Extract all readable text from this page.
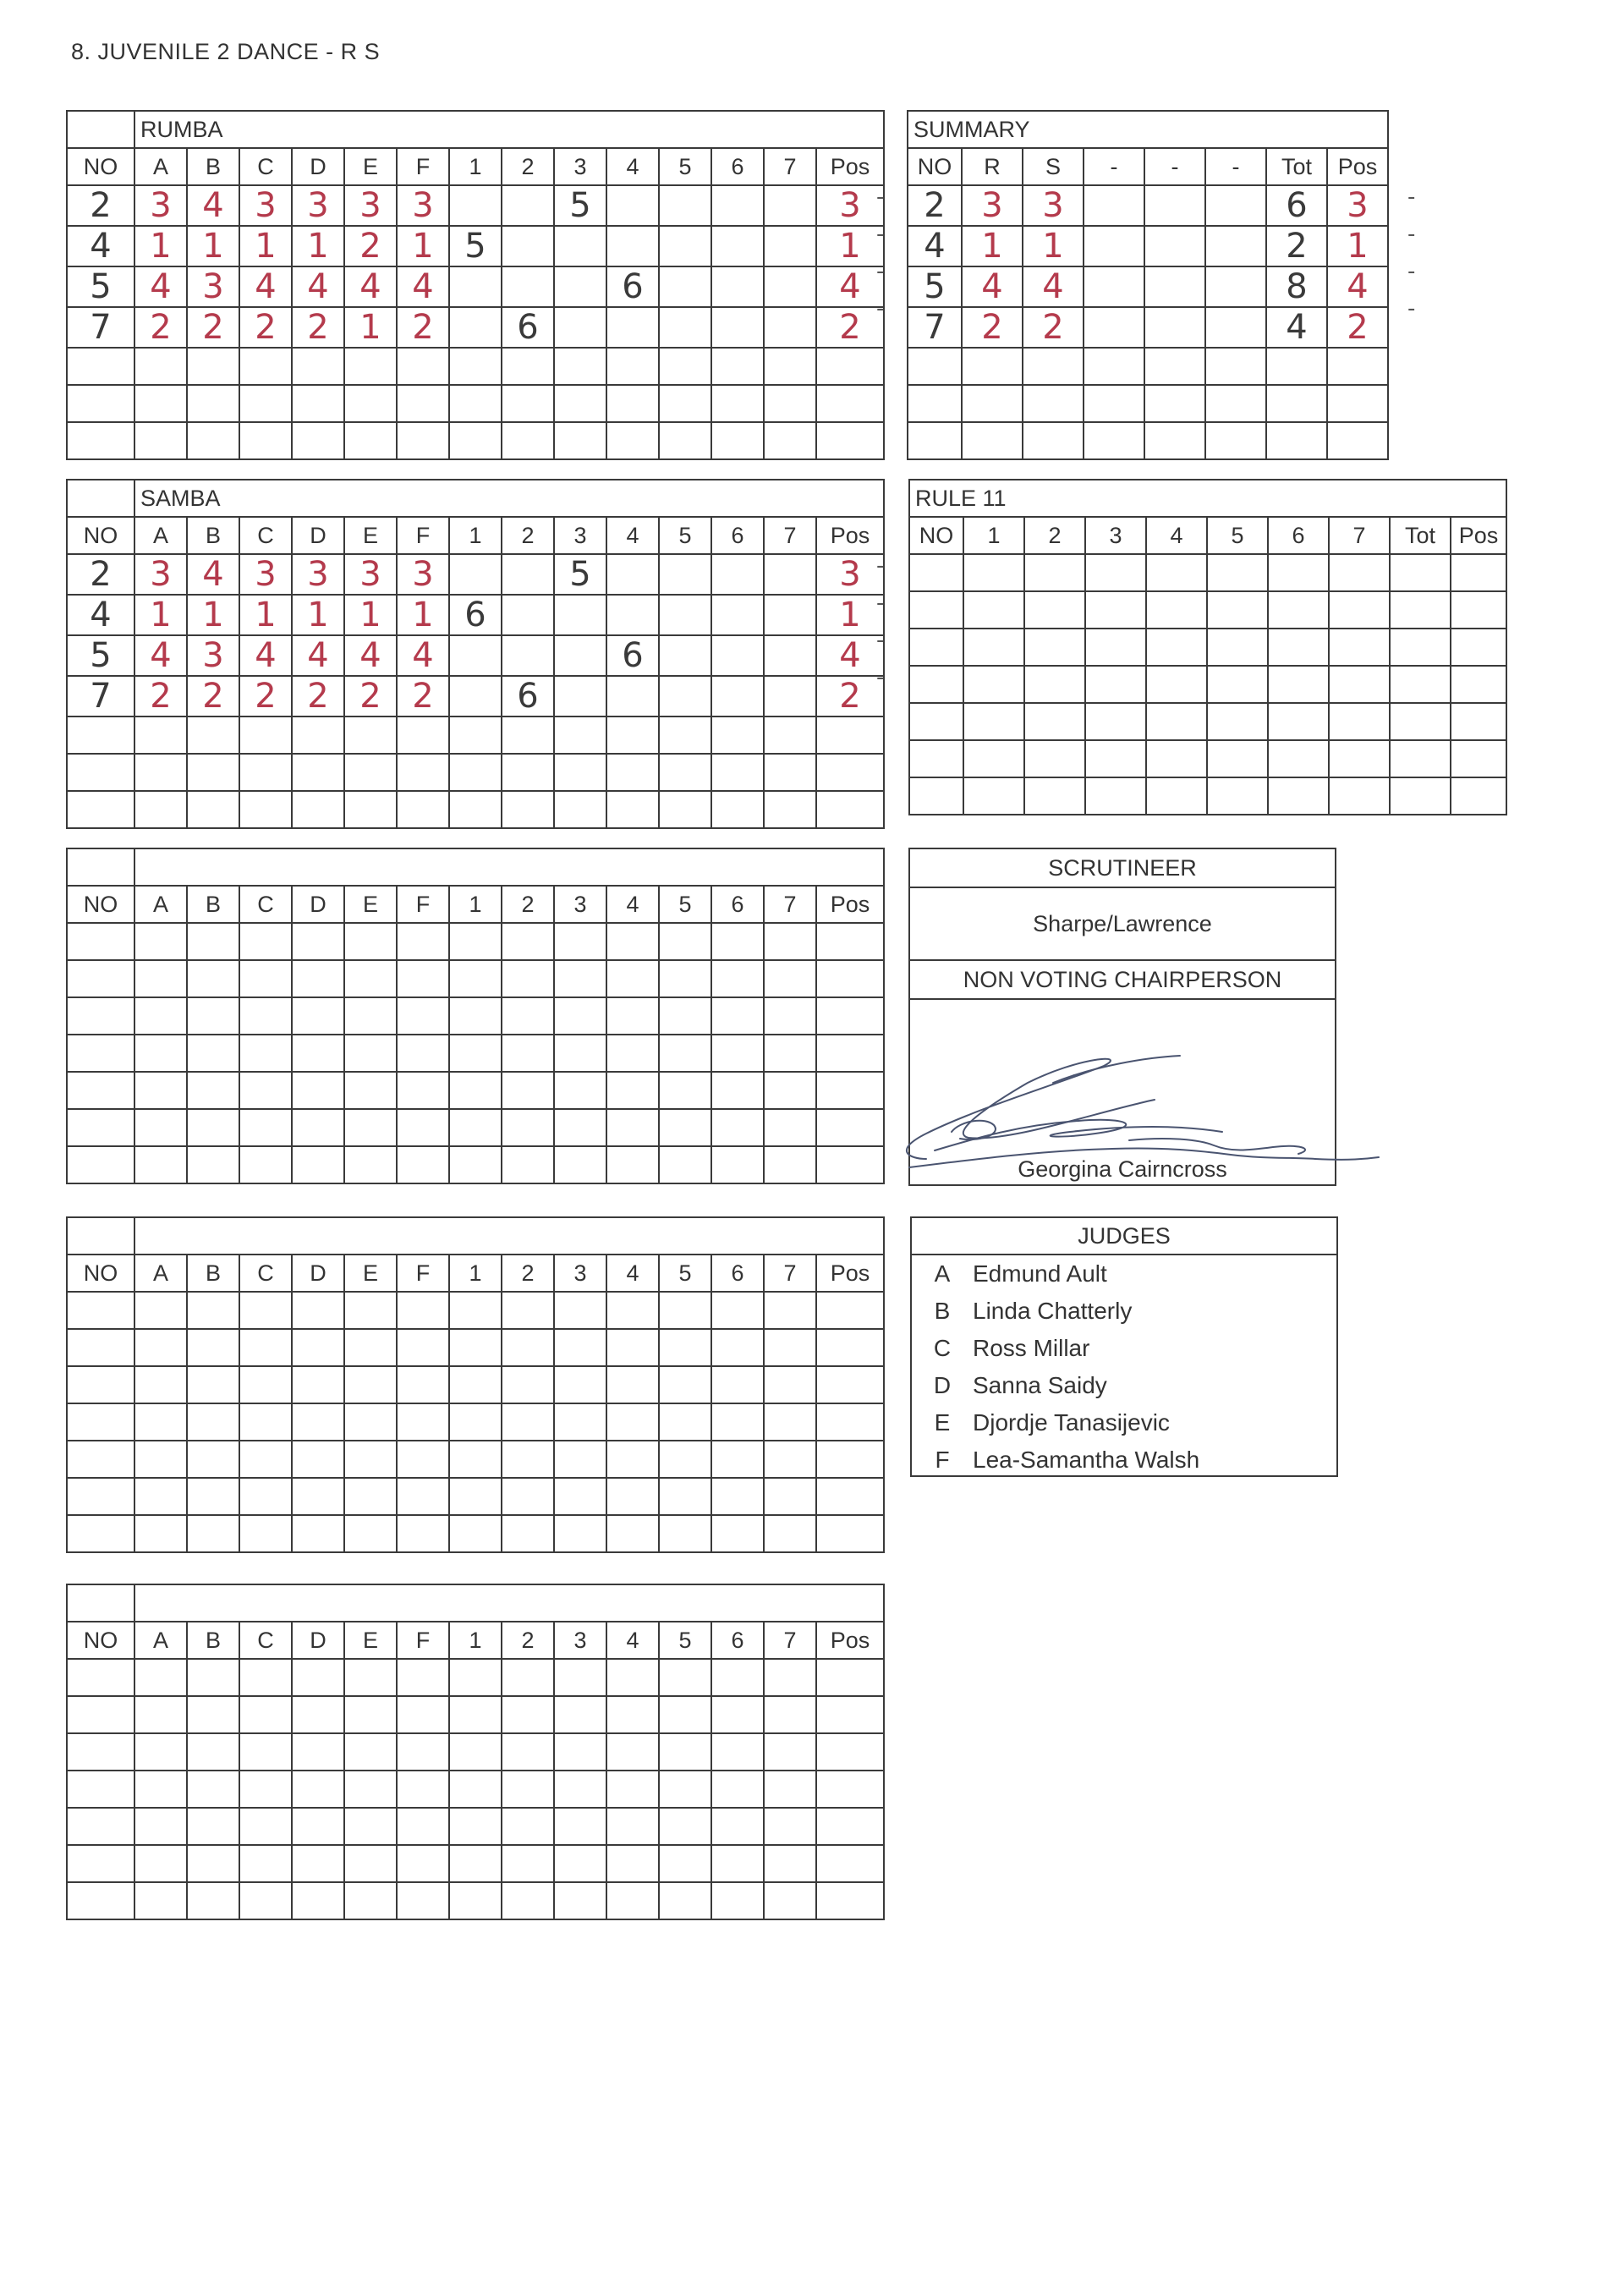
8. JUVENILE 2 DANCE - R S
	RUMBA													
NO	A	B	C	D	E	F	1	2	3	4	5	6	7	Pos
2	3	4	3	3	3	3			5					3
4	1	1	1	1	2	1	5							1
5	4	3	4	4	4	4				6				4
7	2	2	2	2	1	2		6						2

	SAMBA													
NO	A	B	C	D	E	F	1	2	3	4	5	6	7	Pos
2	3	4	3	3	3	3			5					3
4	1	1	1	1	1	1	6							1
5	4	3	4	4	4	4				6				4
7	2	2	2	2	2	2		6						2

NO	A	B	C	D	E	F	1	2	3	4	5	6	7	Pos

NO	A	B	C	D	E	F	1	2	3	4	5	6	7	Pos

NO	A	B	C	D	E	F	1	2	3	4	5	6	7	Pos

SUMMARY							
NO	R	S	-	-	-	Tot	Pos
2	3	3				6	3
4	1	1				2	1
5	4	4				8	4
7	2	2				4	2

RULE 11									
NO	1	2	3	4	5	6	7	Tot	Pos

SCRUTINEER
Sharpe/Lawrence
NON VOTING CHAIRPERSON
Georgina Cairncross
JUDGES
A Edmund Ault
B Linda Chatterly
C Ross Millar
D Sanna Saidy
E Djordje Tanasijevic
F Lea-Samantha Walsh
-
-
-
-
-
-
-
-
-
-
-
-
